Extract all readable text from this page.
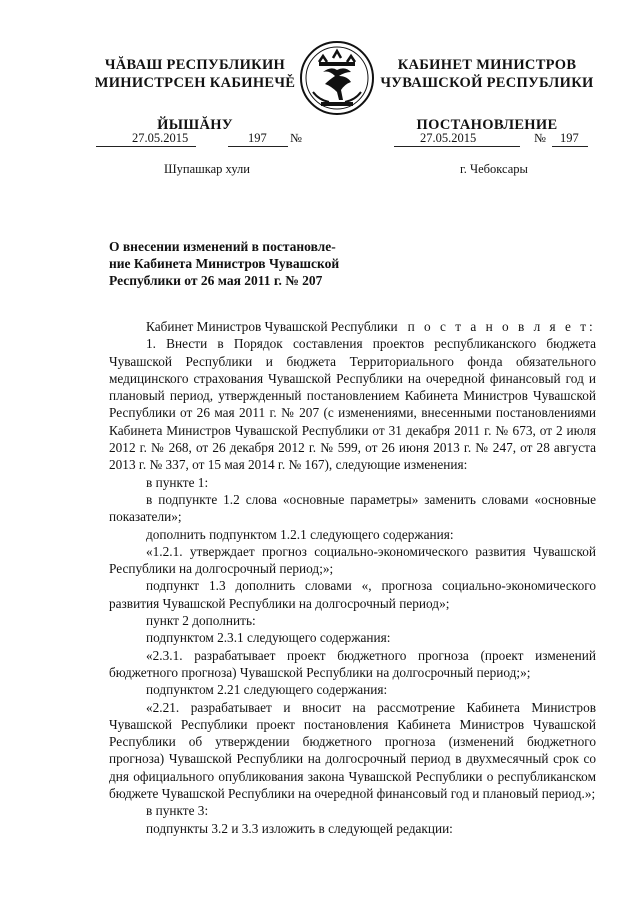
ЧĂВАШ РЕСПУБЛИКИН
МИНИСТРСЕН КАБИНЕЧĚ
ЙЫШĂНУ
КАБИНЕТ МИНИСТРОВ
ЧУВАШСКОЙ РЕСПУБЛИКИ
ПОСТАНОВЛЕНИЕ
27.05.2015	197 №	27.05.2015	№ 197
Шупашкар хули	г. Чебоксары
О внесении изменений в постановле-
ние Кабинета Министров Чувашской
Республики от 26 мая 2011 г. № 207

Кабинет Министров Чувашской Республики п о с т а н о в л я е т:

1. Внести в Порядок составления проектов республиканского бюджета Чувашской Республики и бюджета Территориального фонда обязательного медицинского страхования Чувашской Республики на очередной финансовый год и плановый период, утвержденный постановлением Кабинета Министров Чувашской Республики от 26 мая 2011 г. № 207 (с изменениями, внесенными постановлениями Кабинета Министров Чувашской Республики от 31 декабря 2011 г. № 673, от 2 июля 2012 г. № 268, от 26 декабря 2012 г. № 599, от 26 июня 2013 г. № 247, от 28 августа 2013 г. № 337, от 15 мая 2014 г. № 167), следующие изменения:

в пункте 1:

в подпункте 1.2 слова «основные параметры» заменить словами «основные показатели»;

дополнить подпунктом 1.2.1 следующего содержания:

«1.2.1. утверждает прогноз социально-экономического развития Чувашской Республики на долгосрочный период;»;

подпункт 1.3 дополнить словами «, прогноза социально-экономического развития Чувашской Республики на долгосрочный период»;

пункт 2 дополнить:

подпунктом 2.3.1 следующего содержания:

«2.3.1. разрабатывает проект бюджетного прогноза (проект изменений бюджетного прогноза) Чувашской Республики на долгосрочный период;»;

подпунктом 2.21 следующего содержания:

«2.21. разрабатывает и вносит на рассмотрение Кабинета Министров Чувашской Республики проект постановления Кабинета Министров Чувашской Республики об утверждении бюджетного прогноза (изменений бюджетного прогноза) Чувашской Республики на долгосрочный период в двухмесячный срок со дня официального опубликования закона Чувашской Республики о республиканском бюджете Чувашской Республики на очередной финансовый год и плановый период.»;

в пункте 3:

подпункты 3.2 и 3.3 изложить в следующей редакции:
